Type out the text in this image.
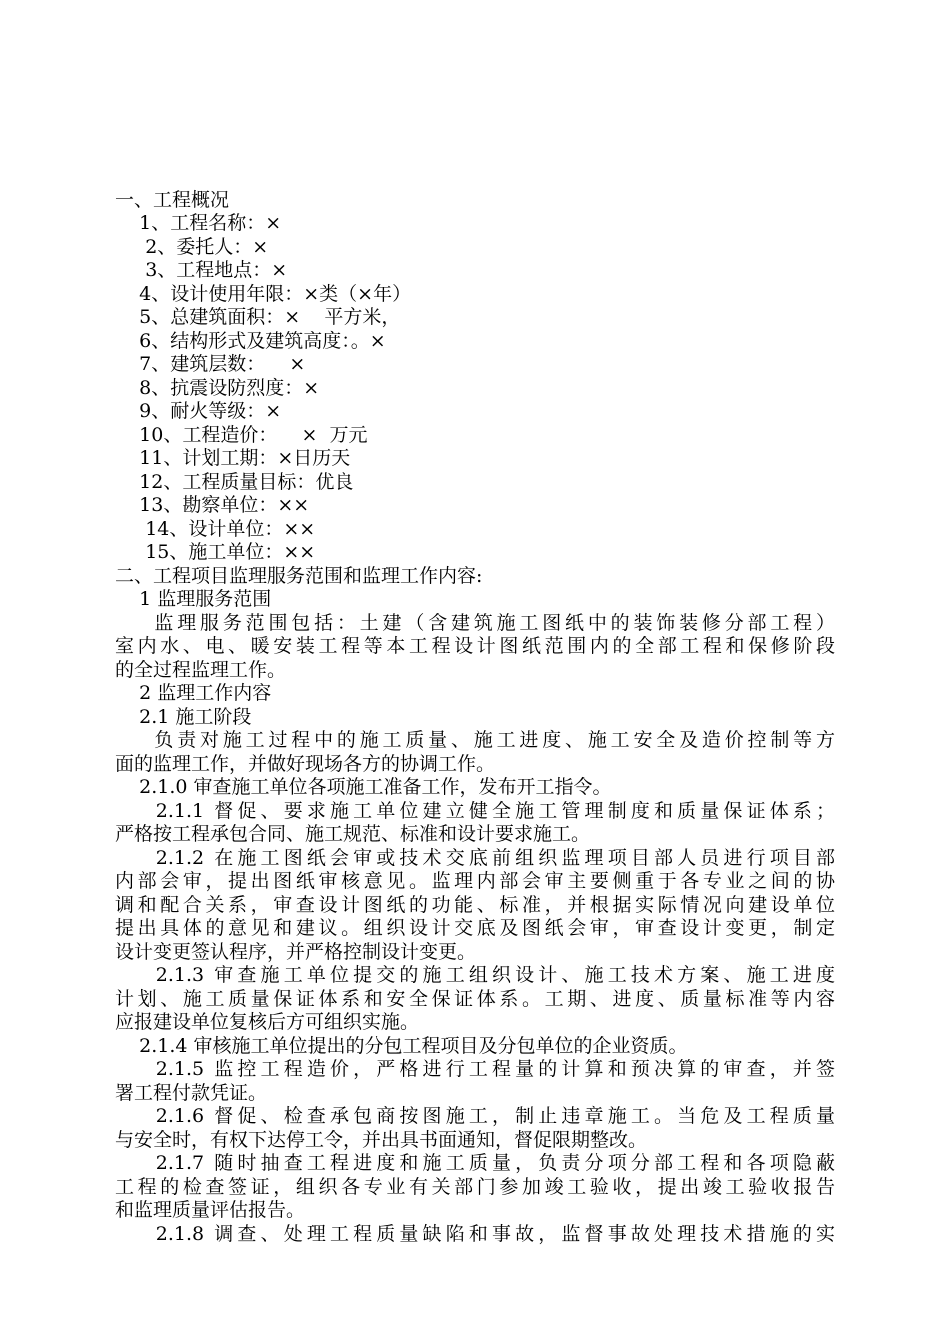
一、工程概况
1、工程名称：×
2、委托人：×
3、工程地点：×
4、设计使用年限：×类（×年）
5、总建筑面积：×    平方米，
6、结构形式及建筑高度：。×
7、建筑层数：    ×
8、抗震设防烈度：×
9、耐火等级：×
10、工程造价：    ×  万元
11、计划工期：×日历天
12、工程质量目标：优良
13、勘察单位：××
14、设计单位：××
15、施工单位：××
二、工程项目监理服务范围和监理工作内容:
1 监理服务范围
监理服务范围包括：土建（含建筑施工图纸中的装饰装修分部工程）
室内水、电、暖安装工程等本工程设计图纸范围内的全部工程和保修阶段
的全过程监理工作。
2 监理工作内容
2.1 施工阶段
负责对施工过程中的施工质量、施工进度、施工安全及造价控制等方
面的监理工作，并做好现场各方的协调工作。
2.1.0 审查施工单位各项施工准备工作，发布开工指令。
2.1.1 督促、要求施工单位建立健全施工管理制度和质量保证体系；
严格按工程承包合同、施工规范、标准和设计要求施工。
2.1.2 在施工图纸会审或技术交底前组织监理项目部人员进行项目部
内部会审，提出图纸审核意见。监理内部会审主要侧重于各专业之间的协
调和配合关系，审查设计图纸的功能、标准，并根据实际情况向建设单位
提出具体的意见和建议。组织设计交底及图纸会审，审查设计变更，制定
设计变更签认程序，并严格控制设计变更。
2.1.3 审查施工单位提交的施工组织设计、施工技术方案、施工进度
计划、施工质量保证体系和安全保证体系。工期、进度、质量标准等内容
应报建设单位复核后方可组织实施。
2.1.4 审核施工单位提出的分包工程项目及分包单位的企业资质。
2.1.5 监控工程造价，严格进行工程量的计算和预决算的审查，并签
署工程付款凭证。
2.1.6 督促、检查承包商按图施工，制止违章施工。当危及工程质量
与安全时，有权下达停工令，并出具书面通知，督促限期整改。
2.1.7 随时抽查工程进度和施工质量，负责分项分部工程和各项隐蔽
工程的检查签证，组织各专业有关部门参加竣工验收，提出竣工验收报告
和监理质量评估报告。
2.1.8 调查、处理工程质量缺陷和事故，监督事故处理技术措施的实
